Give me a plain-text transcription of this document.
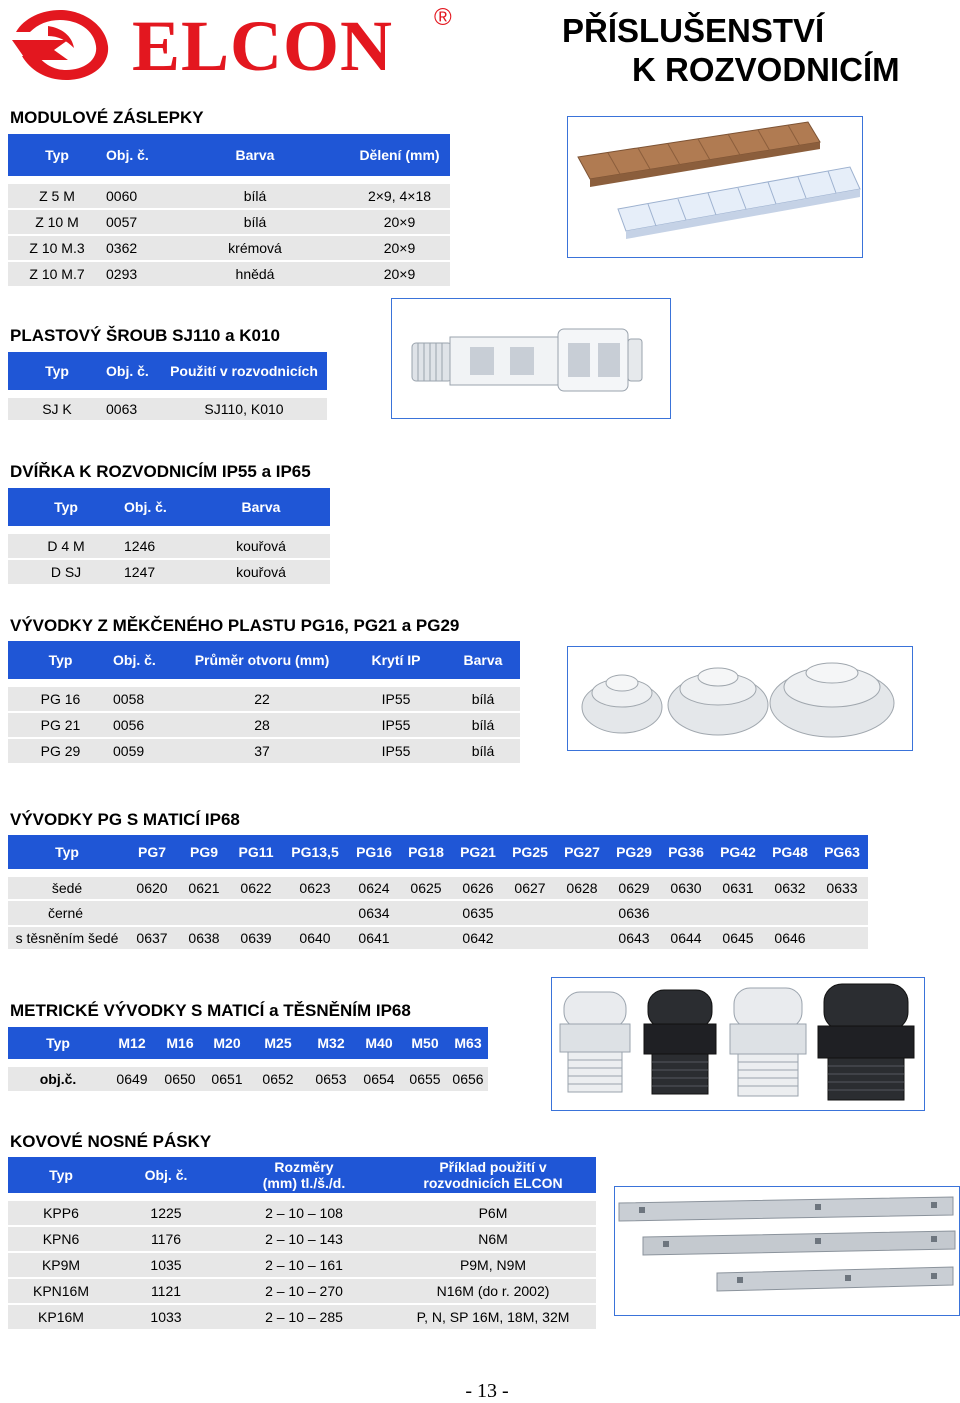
ELCON ®	PŘÍSLUŠENSTVÍ
K ROZVODNICÍM
MODULOVÉ ZÁSLEPKY
Typ	Obj. č.	Barva	Dělení (mm)

Z 5 M	0060	bílá	2×9, 4×18

Z 10 M	0057	bílá	20×9

Z 10 M.3	0362	krémová	20×9

Z 10 M.7	0293	hnědá	20×9
PLASTOVÝ ŠROUB SJ110 a K010
Typ	Obj. č.	Použití v rozvodnicích

SJ K	0063	SJ110, K010
DVÍŘKA K ROZVODNICÍM IP55 a IP65
Typ	Obj. č.	Barva

D 4 M	1246	kouřová

D SJ	1247	kouřová
VÝVODKY Z MĚKČENÉHO PLASTU PG16, PG21 a PG29
Typ	Obj. č.	Průměr otvoru (mm)	Krytí IP	Barva

PG 16	0058	22	IP55	bílá

PG 21	0056	28	IP55	bílá

PG 29	0059	37	IP55	bílá
VÝVODKY PG S MATICÍ IP68
Typ	PG7	PG9	PG11	PG13,5	PG16	PG18	PG21	PG25	PG27	PG29	PG36	PG42	PG48	PG63

šedé	0620	0621	0622	0623	0624	0625	0626	0627	0628	0629	0630	0631	0632	0633

černé					0634		0635			0636				

s těsněním šedé	0637	0638	0639	0640	0641		0642			0643	0644	0645	0646	
METRICKÉ VÝVODKY S MATICÍ a TĚSNĚNÍM IP68
Typ	M12	M16	M20	M25	M32	M40	M50	M63

obj.č.	0649	0650	0651	0652	0653	0654	0655	0656
KOVOVÉ NOSNÉ PÁSKY
Typ	Obj. č.	Rozměry (mm) tl./š./d.	Příklad použití v rozvodnicích ELCON

KPP6	1225	2 – 10 – 108	P6M

KPN6	1176	2 – 10 – 143	N6M

KP9M	1035	2 – 10 – 161	P9M, N9M

KPN16M	1121	2 – 10 – 270	N16M (do r. 2002)

KP16M	1033	2 – 10 – 285	P, N, SP 16M, 18M, 32M
- 13 -
